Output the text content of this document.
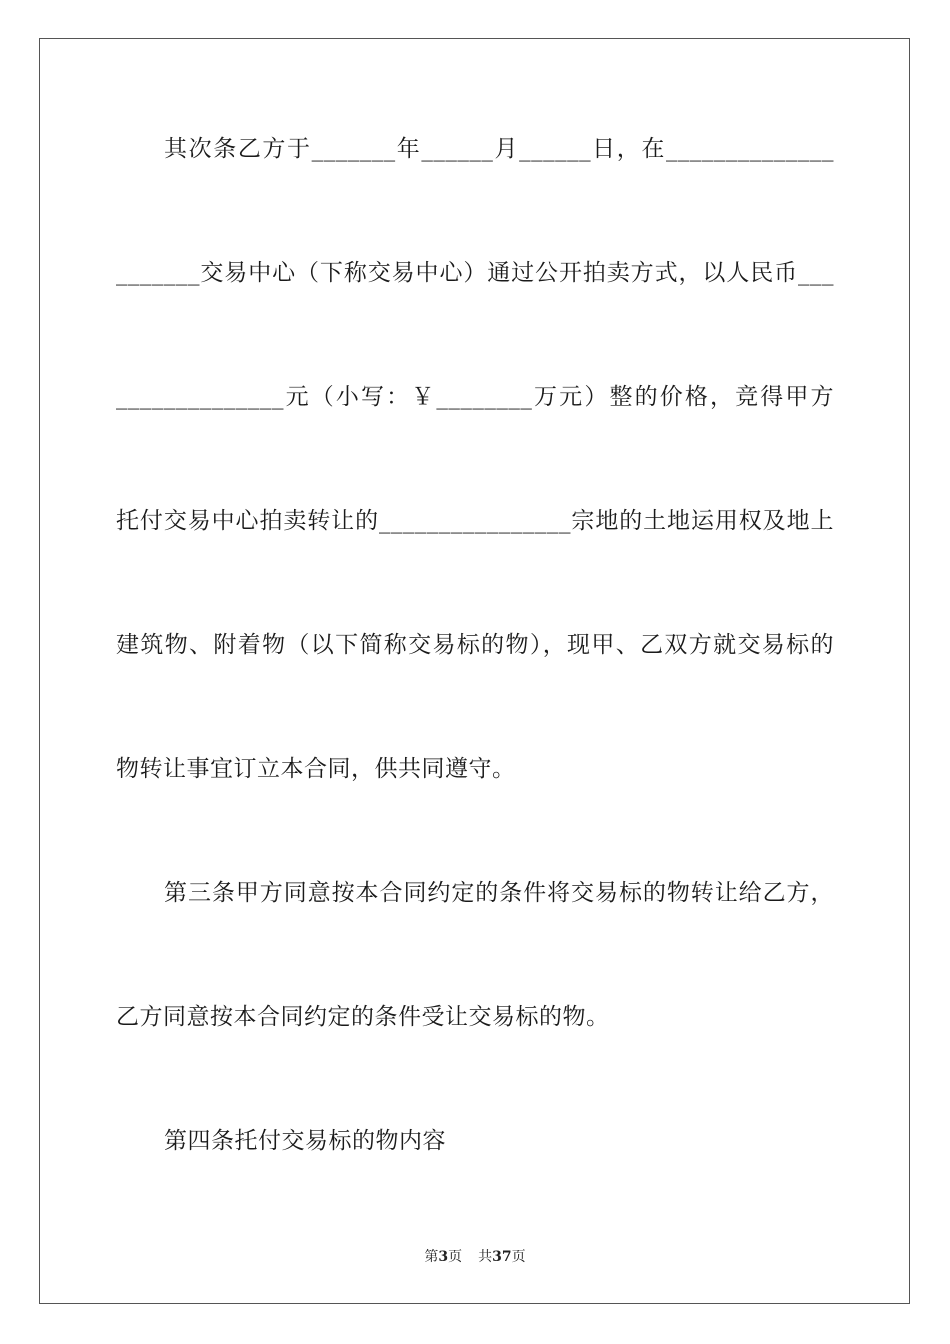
其次条乙方于_______年______月______日，在______________
_______交易中心（下称交易中心）通过公开拍卖方式，以人民币___
______________元（小写：￥________万元）整的价格，竞得甲方
托付交易中心拍卖转让的________________宗地的土地运用权及地上
建筑物、附着物（以下简称交易标的物），现甲、乙双方就交易标的
物转让事宜订立本合同，供共同遵守。
第三条甲方同意按本合同约定的条件将交易标的物转让给乙方，
乙方同意按本合同约定的条件受让交易标的物。
第四条托付交易标的物内容
第3页 共37页
